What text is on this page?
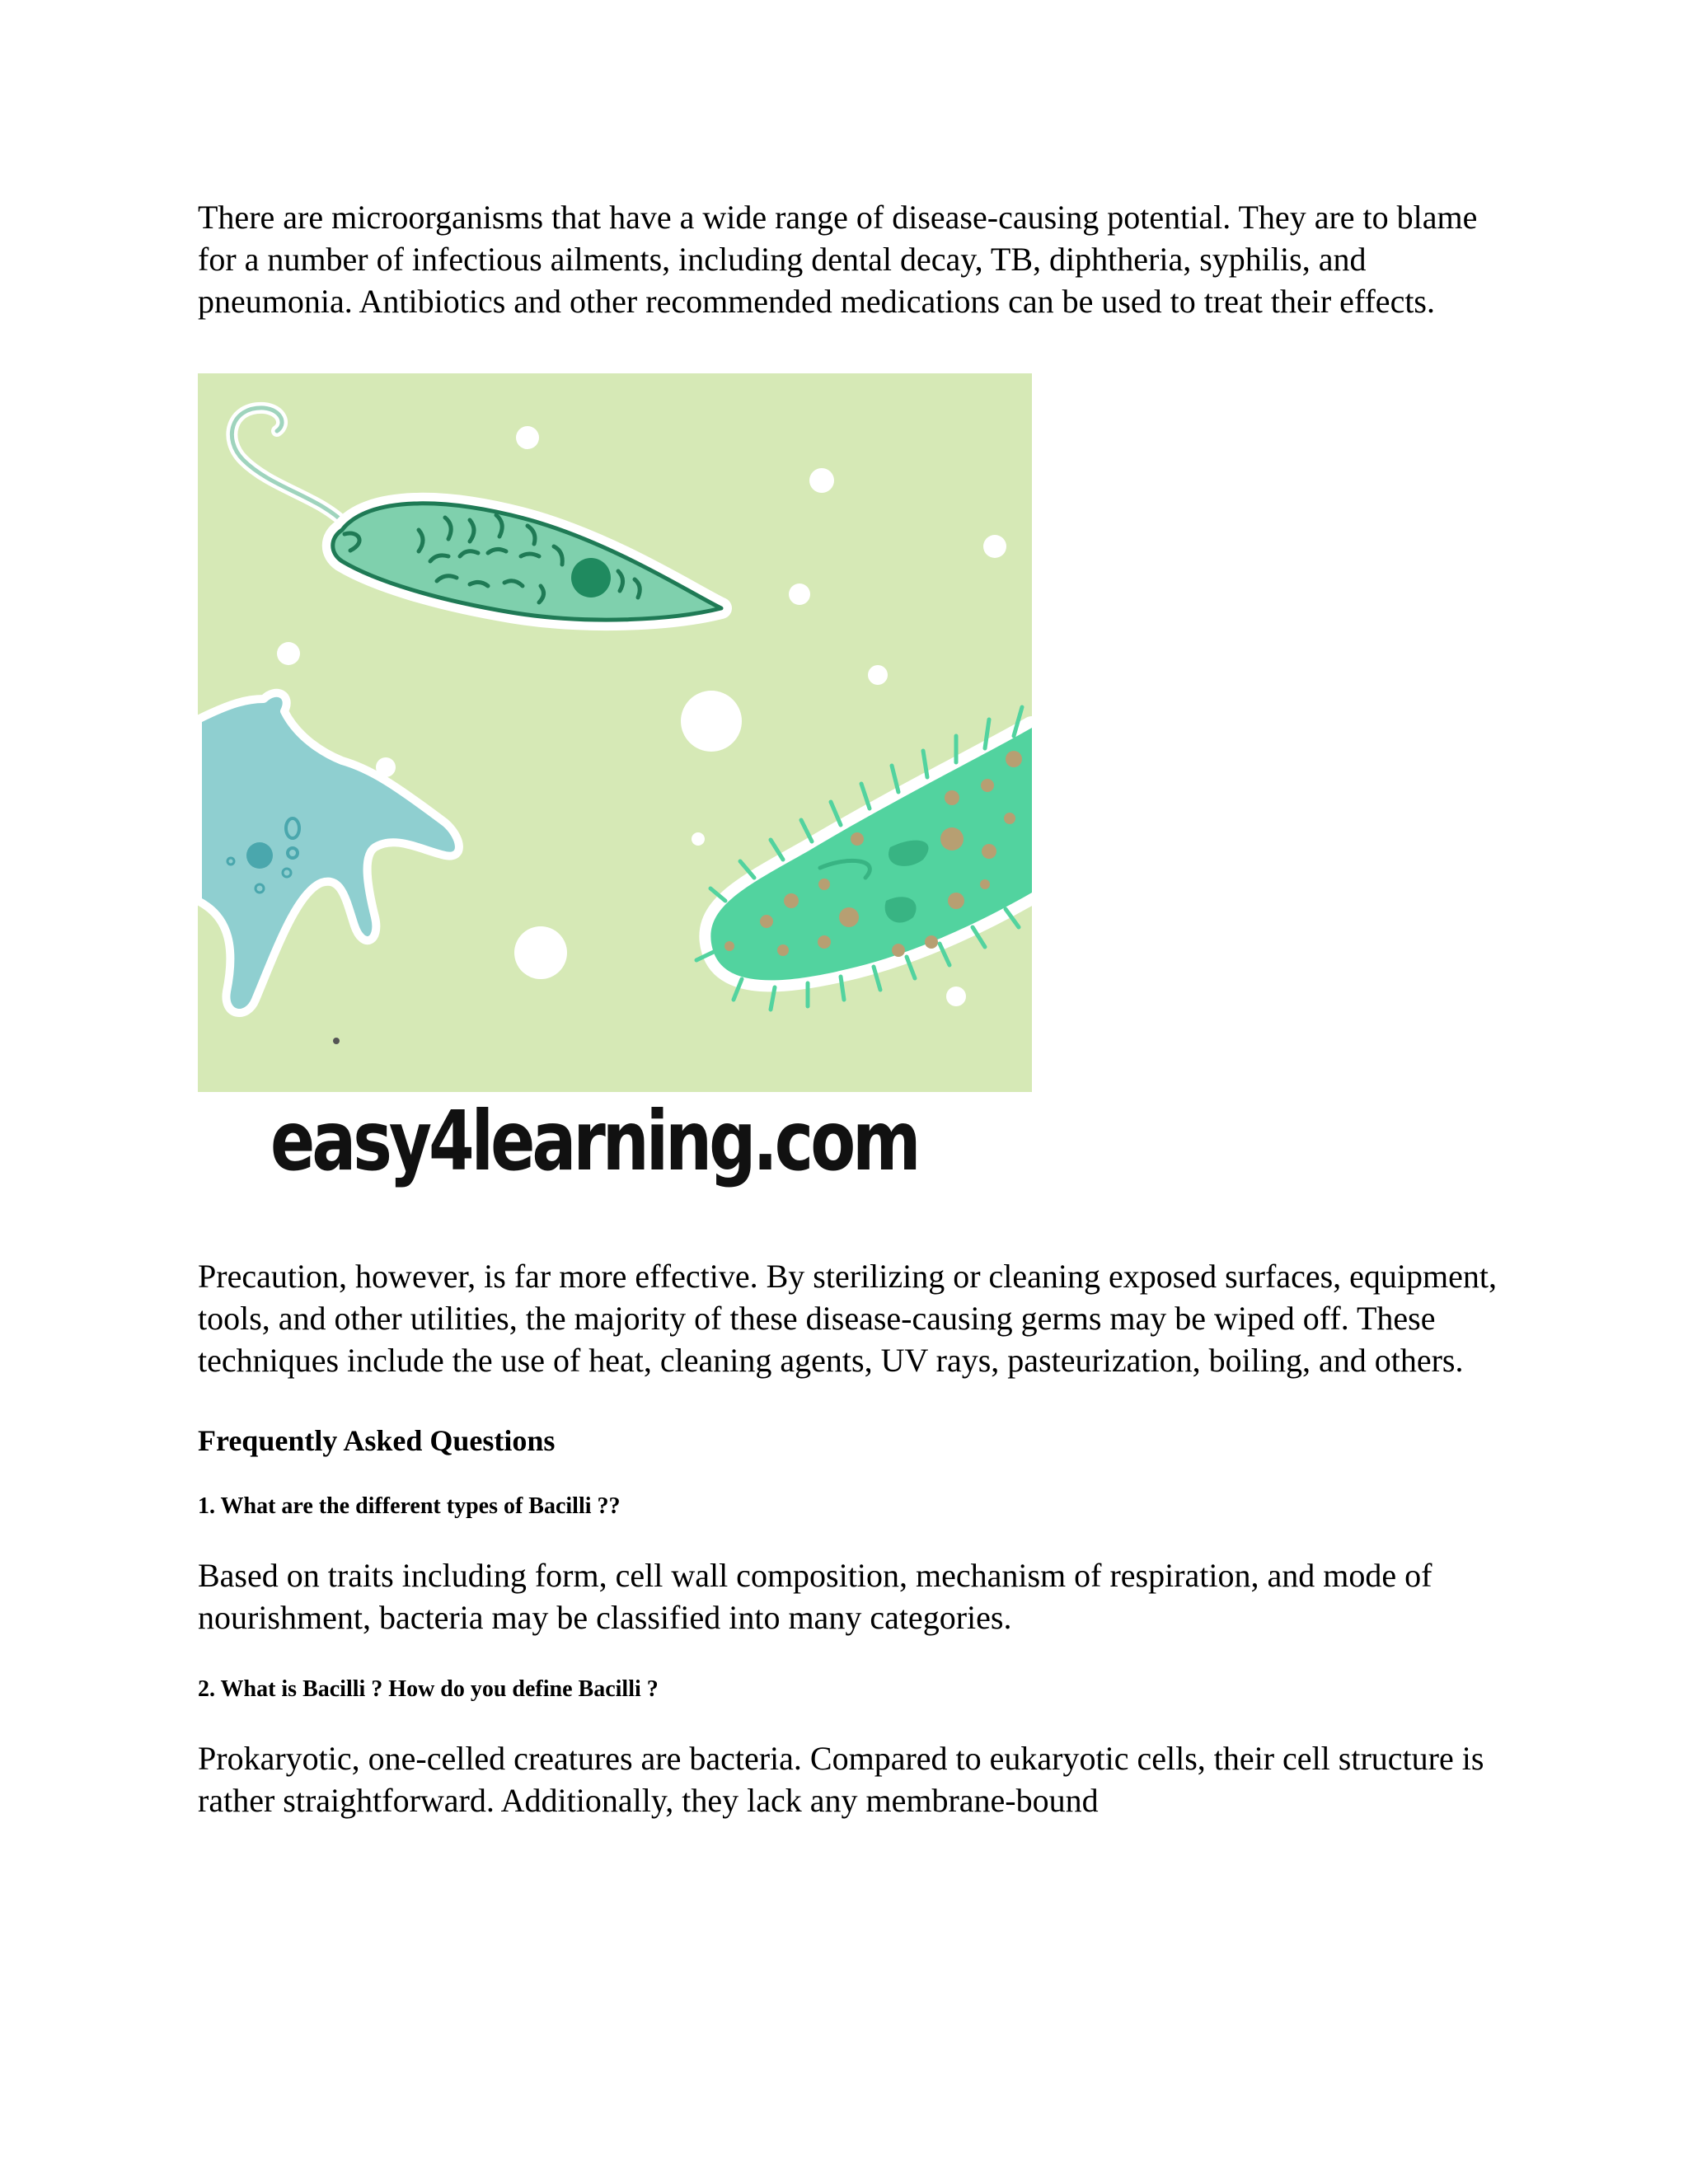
There are microorganisms that have a wide range of disease-causing potential. They are to blame for a number of infectious ailments, including dental decay, TB, diphtheria, syphilis, and pneumonia. Antibiotics and other recommended medications can be used to treat their effects.

easy4learning.com

Precaution, however, is far more effective. By sterilizing or cleaning exposed surfaces, equipment, tools, and other utilities, the majority of these disease-causing germs may be wiped off. These techniques include the use of heat, cleaning agents, UV rays, pasteurization, boiling, and others.

Frequently Asked Questions

1. What are the different types of Bacilli ??

Based on traits including form, cell wall composition, mechanism of respiration, and mode of nourishment, bacteria may be classified into many categories.

2. What is Bacilli ? How do you define Bacilli ?

Prokaryotic, one-celled creatures are bacteria. Compared to eukaryotic cells, their cell structure is rather straightforward. Additionally, they lack any membrane-bound
